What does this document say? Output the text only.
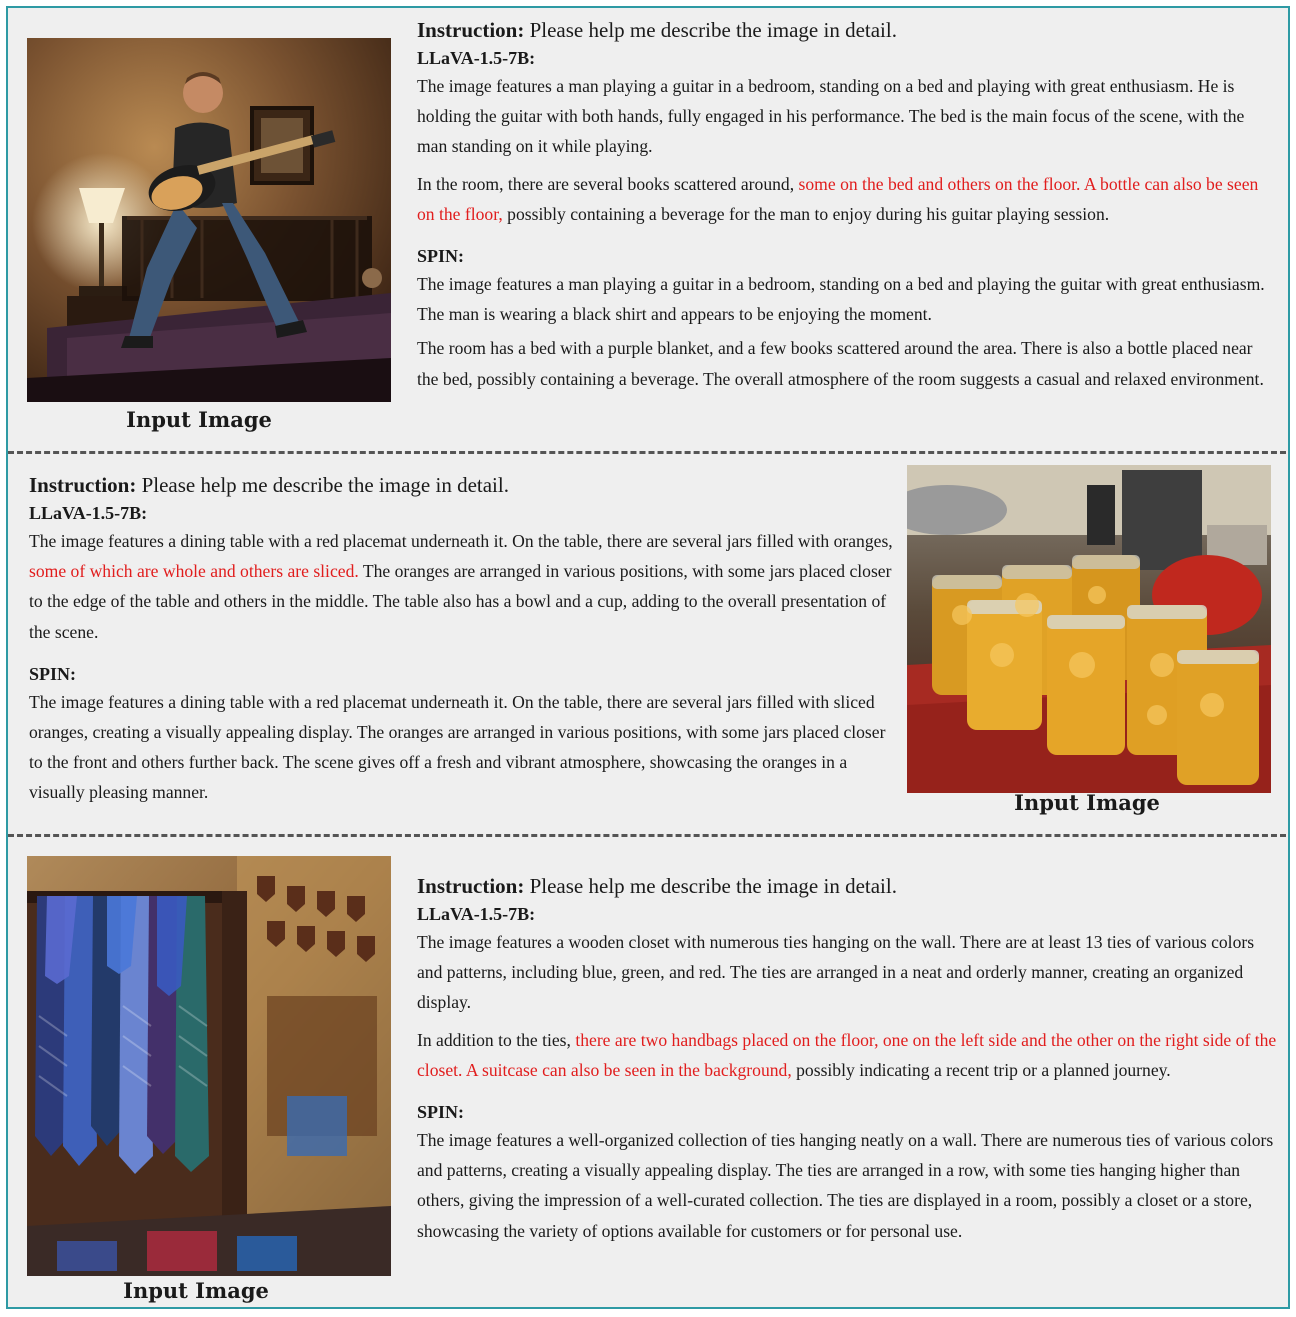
Input Image

Instruction: Please help me describe the image in detail.

LLaVA-1.5-7B:

The image features a man playing a guitar in a bedroom, standing on a bed and playing with great enthusiasm. He is holding the guitar with both hands, fully engaged in his performance. The bed is the main focus of the scene, with the man standing on it while playing.

In the room, there are several books scattered around, some on the bed and others on the floor. A bottle can also be seen on the floor, possibly containing a beverage for the man to enjoy during his guitar playing session.

SPIN:

The image features a man playing a guitar in a bedroom, standing on a bed and playing the guitar with great enthusiasm. The man is wearing a black shirt and appears to be enjoying the moment.

The room has a bed with a purple blanket, and a few books scattered around the area. There is also a bottle placed near the bed, possibly containing a beverage. The overall atmosphere of the room suggests a casual and relaxed environment.

Instruction: Please help me describe the image in detail.

LLaVA-1.5-7B:

The image features a dining table with a red placemat underneath it. On the table, there are several jars filled with oranges, some of which are whole and others are sliced. The oranges are arranged in various positions, with some jars placed closer to the edge of the table and others in the middle. The table also has a bowl and a cup, adding to the overall presentation of the scene.

SPIN:

The image features a dining table with a red placemat underneath it. On the table, there are several jars filled with sliced oranges, creating a visually appealing display. The oranges are arranged in various positions, with some jars placed closer to the front and others further back. The scene gives off a fresh and vibrant atmosphere, showcasing the oranges in a visually pleasing manner.	Input Image
Input Image

Instruction: Please help me describe the image in detail.

LLaVA-1.5-7B:

The image features a wooden closet with numerous ties hanging on the wall. There are at least 13 ties of various colors and patterns, including blue, green, and red. The ties are arranged in a neat and orderly manner, creating an organized display.

In addition to the ties, there are two handbags placed on the floor, one on the left side and the other on the right side of the closet. A suitcase can also be seen in the background, possibly indicating a recent trip or a planned journey.

SPIN:

The image features a well-organized collection of ties hanging neatly on a wall. There are numerous ties of various colors and patterns, creating a visually appealing display. The ties are arranged in a row, with some ties hanging higher than others, giving the impression of a well-curated collection. The ties are displayed in a room, possibly a closet or a store, showcasing the variety of options available for customers or for personal use.
